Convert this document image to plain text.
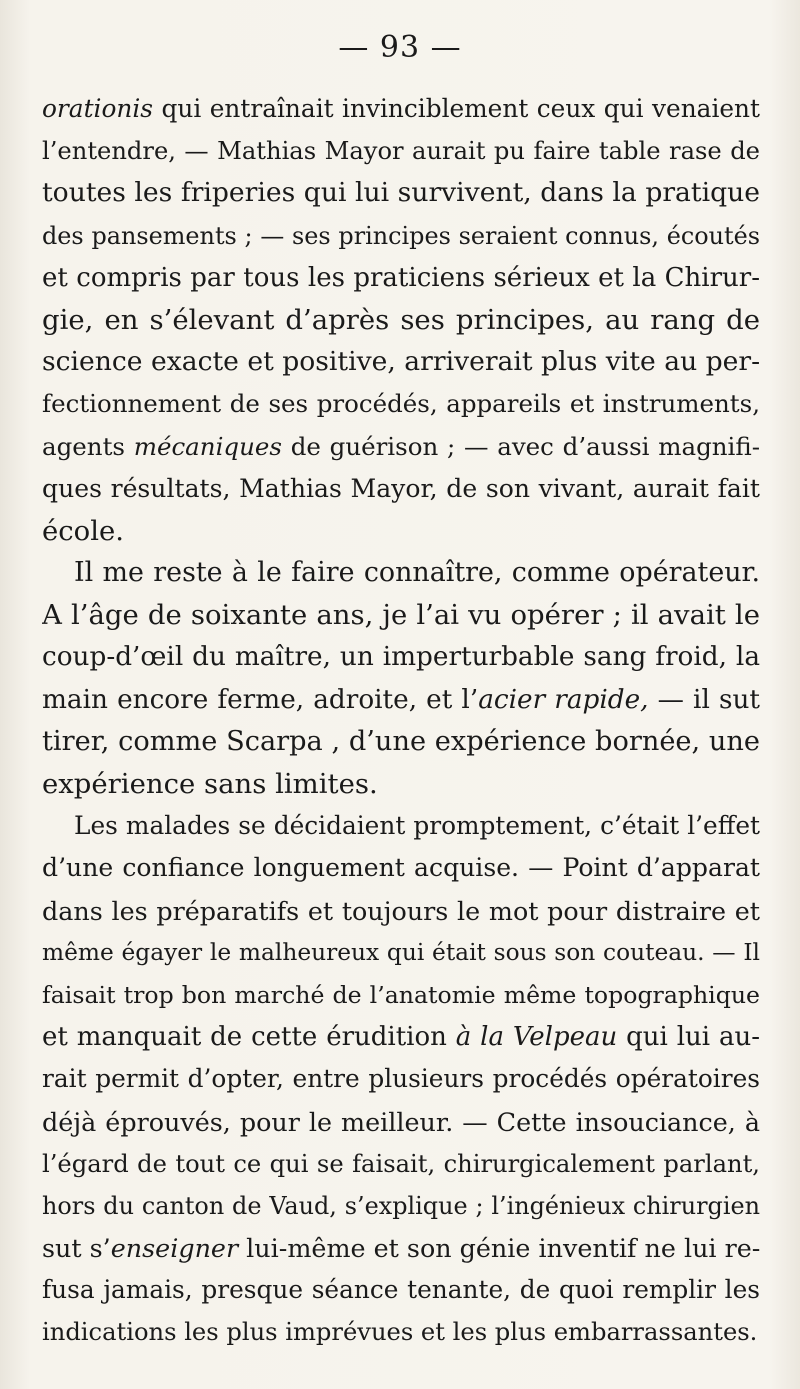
— 93 —
orationis qui entraînait invinciblement ceux qui venaient
l’entendre, — Mathias Mayor aurait pu faire table rase de
toutes les friperies qui lui survivent, dans la pratique
des pansements ; — ses principes seraient connus, écoutés
et compris par tous les praticiens sérieux et la Chirur-
gie, en s’élevant d’après ses principes, au rang de
science exacte et positive, arriverait plus vite au per-
fectionnement de ses procédés, appareils et instruments,
agents mécaniques de guérison ; — avec d’aussi magnifi-
ques résultats, Mathias Mayor, de son vivant, aurait fait
école.
Il me reste à le faire connaître, comme opérateur.
A l’âge de soixante ans, je l’ai vu opérer ; il avait le
coup-d’œil du maître, un imperturbable sang froid, la
main encore ferme, adroite, et l’acier rapide, — il sut
tirer, comme Scarpa , d’une expérience bornée, une
expérience sans limites.
Les malades se décidaient promptement, c’était l’effet
d’une confiance longuement acquise. — Point d’apparat
dans les préparatifs et toujours le mot pour distraire et
même égayer le malheureux qui était sous son couteau. — Il
faisait trop bon marché de l’anatomie même topographique
et manquait de cette érudition à la Velpeau qui lui au-
rait permit d’opter, entre plusieurs procédés opératoires
déjà éprouvés, pour le meilleur. — Cette insouciance, à
l’égard de tout ce qui se faisait, chirurgicalement parlant,
hors du canton de Vaud, s’explique ; l’ingénieux chirurgien
sut s’enseigner lui-même et son génie inventif ne lui re-
fusa jamais, presque séance tenante, de quoi remplir les
indications les plus imprévues et les plus embarrassantes.
